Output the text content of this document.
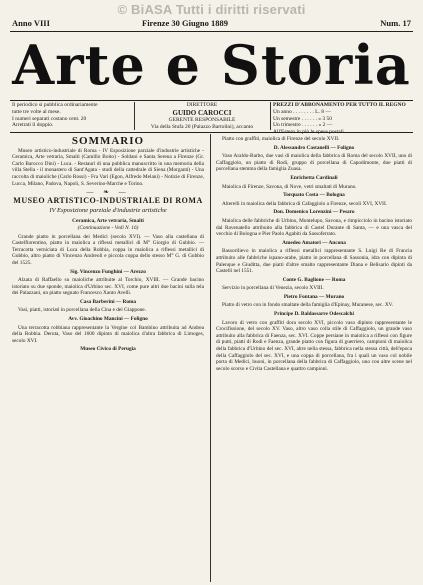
© BiASA Tutti i diritti riservati
Anno VIII	Firenze 30 Giugno 1889	Num. 17
Arte e Storia
Il periodico si pubblica ordinariamente
tutte tre volte al mese.
I numeri separati costano cent. 20
Arretrati il doppio.
DIRETTORE
GUIDO CAROCCI
GERENTE RESPONSABILE
Via della Stufa 20 (Palazzo Bartolini), accanto
PREZZI D'ABBONAMENTO PER TUTTO IL REGNO
Un anno . . . . . . . . L. 8 —
Un semestre . . . . . . » 3 50
Un trimestre . . . . . . » 2 —
All'Estero in più le spese postali
SOMMARIO
Museo artistico-industriale di Roma - IV Esposizione parziale d'industrie artistiche - Ceramica, Arte vetraria, Smalti (Camillo Boito) - Soldani e Santa Serena a Firenze (Gr. Carlo Barocco Dini) - Luca. - Restauri di una pubblica manuscritto in una memoria della villa Stella - il monastero di Sant'Agata - studi della cattedrale di Siena (Morganti) - Una raccolta di maioliche (Carlo Rossi) - Fra Vari (Egon, Alfredo Melani) - Notizie di Firenze, Lucca, Milano, Padova, Napoli, S. Severino-Marche e Torino.
— ❧ —
MUSEO ARTISTICO-INDUSTRIALE DI ROMA
IV Esposizione parziale d'industrie artistiche
Ceramica, Arte vetraria, Smalti
(Continuazione - Vedi N. 16)
Grande piatto in porcellana dei Medici (secolo XVI). — Vaso alla castellana di Castelfiorentino, piatto in maiolica a riflessi metallici di M° Giorgio di Gubbio. — Terracotta verniciata di Luca della Robbia, coppa in maiolica a riflessi metallici di Gubbio, altro piatto di Vincenzo Andreoli e piccola coppa dello stesso M° G. di Gubbio del 1525.
Sig. Vincenzo Funghini — Arezzo
Alzata di Raffaello su maioliche attribuite al Torchio, XVIII. — Grande bacino istoriato su due sponde, maiolica d'Urbino sec. XVI, come pure altri due bacini sulla tela dei Palazzani, un piatto segnato Francesco Xanto Avelli.
Casa Barberini — Roma
Vasi, piatti, istoriati in porcellana della Cina e del Giappone.
Avv. Gioachino Mancini — Foligno
Una terracotta robbiana rappresentante la Vergine col Bambino attribuita ad Andrea della Robbia. Deruta, Vaso del 1600 dipinto di maiolica d'altra fabbrica di Limoges, secolo XVI.
Museo Civico di Perugia
Piatto con graffiti, maiolica di Firenze del secolo XVII.
D. Alessandro Castanelli — Foligno
Vaso Araldo-Barbo, due vasi di maiolica della fabbrica di Roma del secolo XVII, uno di Caffaggiolo, un piatto di Rodi, gruppo di porcellana di Capodimonte, due piatti di porcellana stemma della famiglia Zuasa.
Enrichetta Cardinali
Maiolica di Firenze, Savona, di Nove, vetri smaltati di Murano.
Torquato Costa — Bologna
Alterelli in maiolica della fabbrica di Cafaggiolo a Firenze, secoli XVI, XVII.
Don. Domenico Lorenzini — Pesaro
Maiolica delle fabbriche di Urbino, Montelupo, Savona, e rimpicciolo in bacino istoriato dal Ravenatello attribuito alla fabbrica di Castel Durante di Santa, — e una vasca del vecchio di Bologna e Pier Paolo Agabiti da Sassoferrato.
Amedeo Amatori — Ancona
Bassorilievo in maiolica a riflessi metallici rappresentante S. Luigi Re di Francia attribuito alle fabbriche ispano-arabe, piatto in porcellana di Sassonia, idra con dipinta di Palenque e Giuditta, due piatti d'altre smalto rappresentante Diana e Belisario dipinti da Castelli nel 1551.
Conte G. Baglione — Roma
Servizio in porcellana di Venezia, secolo XVIII.
Pietro Fontana — Murano
Piatto di vetro con in fondo smaltate della famiglia d'Epinay, Muranese, sec. XV.
Principe D. Baldassarre Odescalchi
Lavoro di vetro con graffiti dora secolo XVI, piccolo vaso dipinto rappresentante le Crocifissione, del secolo XV. Vaso, altro vaso colla stile di Caffaggiolo, un grande vaso attribuito alla fabbrica di Faenza, sec. XVI. Coppe persiane in maiolica a riflessi con figure di putti, piatti di Rodi e Faenza, grande piatto con figura di guerriero, campioni di maiolica della fabbrica d'Urbino del sec. XVI, altre nella stessa, fabbrica nella stessa città, dell'epoca della Caffaggiolo del sec. XVI, e una coppa di porcellana, fra i quali un vaso col nobile porta di Medici, buoni, in porcellana della fabbrica di Caffaggiolo, uno con altre scene nel secolo scorso e Civita Castellana e quattro campioni.
